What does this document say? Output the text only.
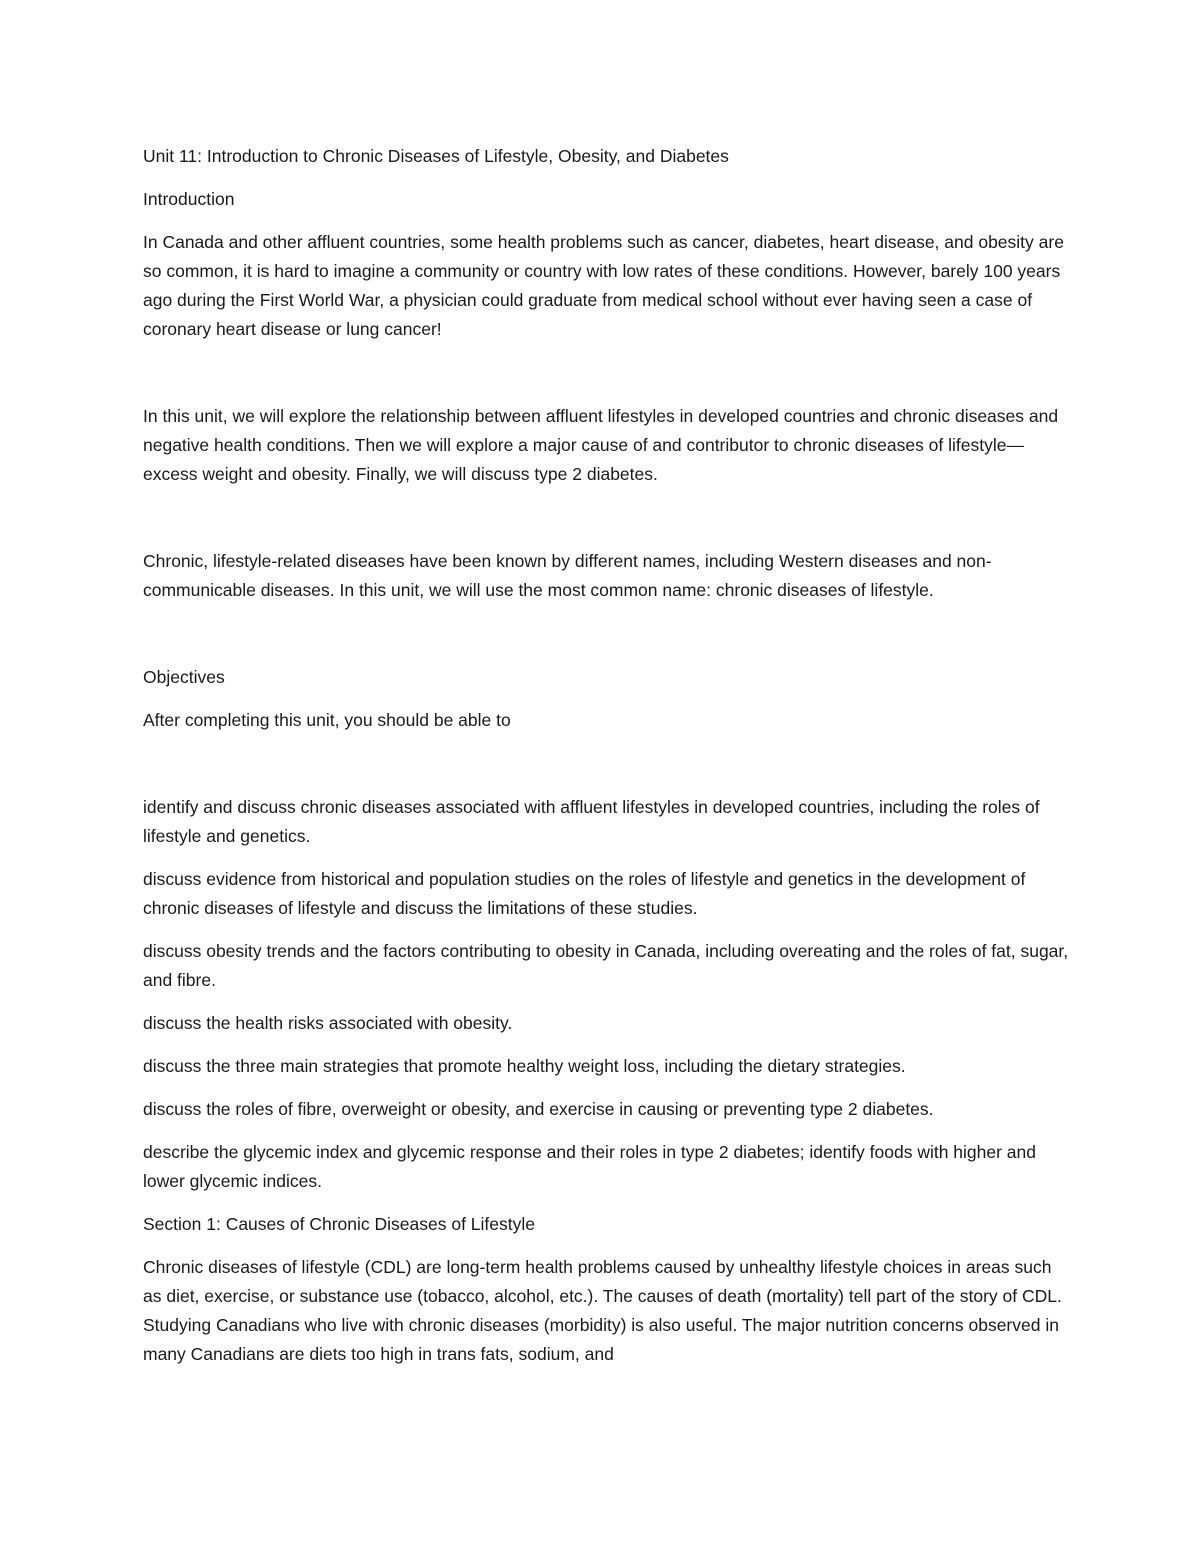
Unit 11: Introduction to Chronic Diseases of Lifestyle, Obesity, and Diabetes

Introduction

In Canada and other affluent countries, some health problems such as cancer, diabetes, heart disease, and obesity are so common, it is hard to imagine a community or country with low rates of these conditions. However, barely 100 years ago during the First World War, a physician could graduate from medical school without ever having seen a case of coronary heart disease or lung cancer!

In this unit, we will explore the relationship between affluent lifestyles in developed countries and chronic diseases and negative health conditions. Then we will explore a major cause of and contributor to chronic diseases of lifestyle—excess weight and obesity. Finally, we will discuss type 2 diabetes.

Chronic, lifestyle-related diseases have been known by different names, including Western diseases and non-communicable diseases. In this unit, we will use the most common name: chronic diseases of lifestyle.

Objectives

After completing this unit, you should be able to

identify and discuss chronic diseases associated with affluent lifestyles in developed countries, including the roles of lifestyle and genetics.
discuss evidence from historical and population studies on the roles of lifestyle and genetics in the development of chronic diseases of lifestyle and discuss the limitations of these studies.
discuss obesity trends and the factors contributing to obesity in Canada, including overeating and the roles of fat, sugar, and fibre.
discuss the health risks associated with obesity.
discuss the three main strategies that promote healthy weight loss, including the dietary strategies.
discuss the roles of fibre, overweight or obesity, and exercise in causing or preventing type 2 diabetes.
describe the glycemic index and glycemic response and their roles in type 2 diabetes; identify foods with higher and lower glycemic indices.

Section 1: Causes of Chronic Diseases of Lifestyle

Chronic diseases of lifestyle (CDL) are long-term health problems caused by unhealthy lifestyle choices in areas such as diet, exercise, or substance use (tobacco, alcohol, etc.). The causes of death (mortality) tell part of the story of CDL. Studying Canadians who live with chronic diseases (morbidity) is also useful. The major nutrition concerns observed in many Canadians are diets too high in trans fats, sodium, and
